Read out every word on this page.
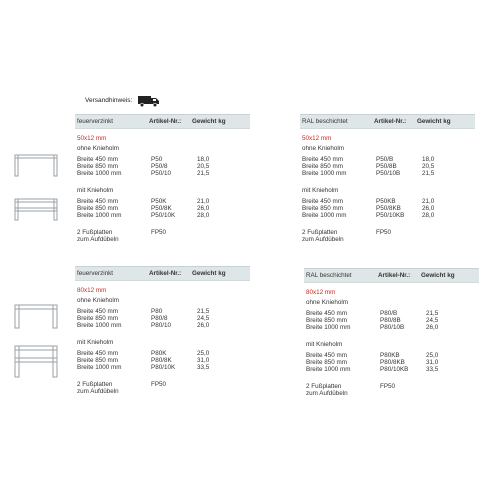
Versandhinweis:
feuerverzinkt	Artikel-Nr.: Gewicht kg
50x12 mm
ohne Knieholm
Breite 450 mm	P50	18,0
Breite 850 mm	P50/8	20,5
Breite 1000 mm	P50/10	21,5
mit Knieholm
Breite 450 mm	P50K	21,0
Breite 850 mm	P50/8K	26,0
Breite 1000 mm	P50/10K	28,0
2 Fußplatten
zum Aufdübeln
FP50
RAL beschichtet	Artikel-Nr.: Gewicht kg
50x12 mm
ohne Knieholm
Breite 450 mm	P50/B	18,0
Breite 850 mm	P50/8B	20,5
Breite 1000 mm	P50/10B	21,5
mit Knieholm
Breite 450 mm	P50KB	21,0
Breite 850 mm	P50/8KB	26,0
Breite 1000 mm	P50/10KB	28,0
2 Fußplatten
zum Aufdübeln
FP50
feuerverzinkt	Artikel-Nr.: Gewicht kg
80x12 mm
ohne Knieholm
Breite 450 mm	P80	21,5
Breite 850 mm	P80/8	24,5
Breite 1000 mm	P80/10	26,0
mit Knieholm
Breite 450 mm	P80K	25,0
Breite 850 mm	P80/8K	31,0
Breite 1000 mm	P80/10K	33,5
2 Fußplatten
zum Aufdübeln
FP50
RAL beschichtet	Artikel-Nr.: Gewicht kg
80x12 mm
ohne Knieholm
Breite 450 mm	P80/B	21,5
Breite 850 mm	P80/8B	24,5
Breite 1000 mm	P80/10B	26,0
mit Knieholm
Breite 450 mm	P80KB	25,0
Breite 850 mm	P80/8KB	31,0
Breite 1000 mm	P80/10KB	33,5
2 Fußplatten
zum Aufdübeln
FP50
